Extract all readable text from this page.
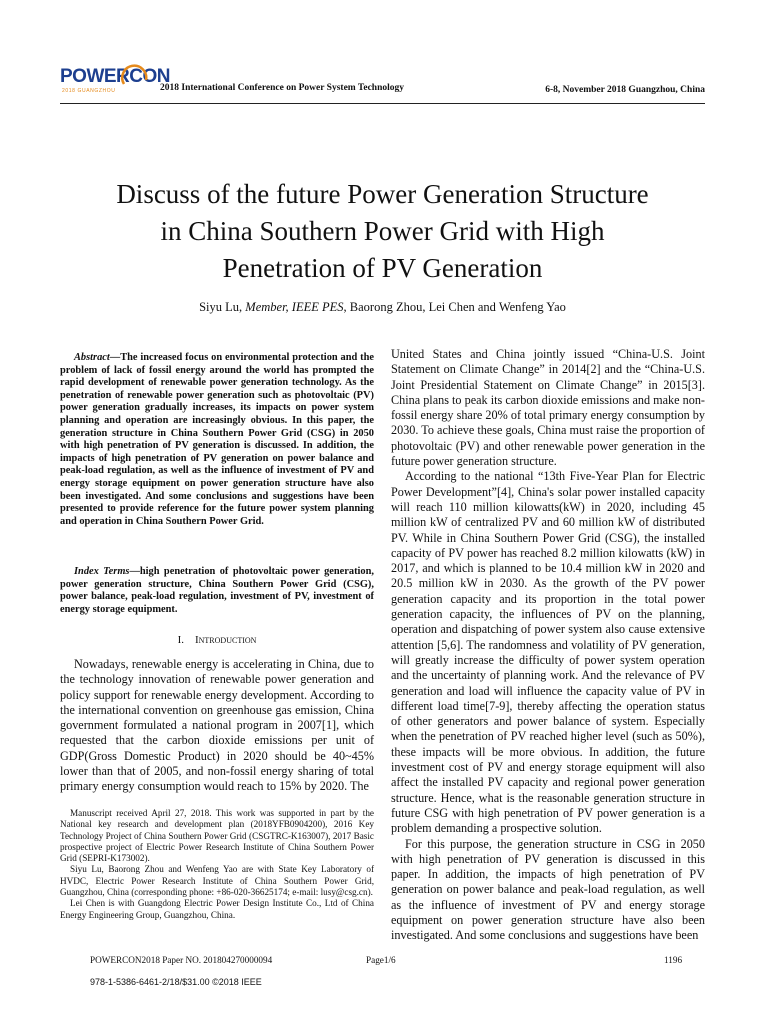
POWERCON
2018 GUANGZHOU	2018 International Conference on Power System Technology	6-8, November 2018 Guangzhou, China
Discuss of the future Power Generation Structure
in China Southern Power Grid with High
Penetration of PV Generation
Siyu Lu, Member, IEEE PES, Baorong Zhou, Lei Chen and Wenfeng Yao
Abstract—The increased focus on environmental protection and the problem of lack of fossil energy around the world has prompted the rapid development of renewable power generation technology. As the penetration of renewable power generation such as photovoltaic (PV) power generation gradually increases, its impacts on power system planning and operation are increasingly obvious. In this paper, the generation structure in China Southern Power Grid (CSG) in 2050 with high penetration of PV generation is discussed. In addition, the impacts of high penetration of PV generation on power balance and peak-load regulation, as well as the influence of investment of PV and energy storage equipment on power generation structure have also been investigated. And some conclusions and suggestions have been presented to provide reference for the future power system planning and operation in China Southern Power Grid.
Index Terms—high penetration of photovoltaic power generation, power generation structure, China Southern Power Grid (CSG), power balance, peak-load regulation, investment of PV, investment of energy storage equipment.
I. Introduction
Nowadays, renewable energy is accelerating in China, due to the technology innovation of renewable power generation and policy support for renewable energy development. According to the international convention on greenhouse gas emission, China government formulated a national program in 2007[1], which requested that the carbon dioxide emissions per unit of GDP(Gross Domestic Product) in 2020 should be 40~45% lower than that of 2005, and non-fossil energy sharing of total primary energy consumption would reach to 15% by 2020. The

Manuscript received April 27, 2018. This work was supported in part by the National key research and development plan (2018YFB0904200), 2016 Key Technology Project of China Southern Power Grid (CSGTRC-K163007), 2017 Basic prospective project of Electric Power Research Institute of China Southern Power Grid (SEPRI-K173002).

Siyu Lu, Baorong Zhou and Wenfeng Yao are with State Key Laboratory of HVDC, Electric Power Research Institute of China Southern Power Grid, Guangzhou, China (corresponding phone: +86-020-36625174; e-mail: lusy@csg.cn).

Lei Chen is with Guangdong Electric Power Design Institute Co., Ltd of China Energy Engineering Group, Guangzhou, China.

United States and China jointly issued “China-U.S. Joint Statement on Climate Change” in 2014[2] and the “China-U.S. Joint Presidential Statement on Climate Change” in 2015[3]. China plans to peak its carbon dioxide emissions and make non-fossil energy share 20% of total primary energy consumption by 2030. To achieve these goals, China must raise the proportion of photovoltaic (PV) and other renewable power generation in the future power generation structure.

According to the national “13th Five-Year Plan for Electric Power Development”[4], China's solar power installed capacity will reach 110 million kilowatts(kW) in 2020, including 45 million kW of centralized PV and 60 million kW of distributed PV. While in China Southern Power Grid (CSG), the installed capacity of PV power has reached 8.2 million kilowatts (kW) in 2017, and which is planned to be 10.4 million kW in 2020 and 20.5 million kW in 2030. As the growth of the PV power generation capacity and its proportion in the total power generation capacity, the influences of PV on the planning, operation and dispatching of power system also cause extensive attention [5,6]. The randomness and volatility of PV generation, will greatly increase the difficulty of power system operation and the uncertainty of planning work. And the relevance of PV generation and load will influence the capacity value of PV in different load time[7-9], thereby affecting the operation status of other generators and power balance of system. Especially when the penetration of PV reached higher level (such as 50%), these impacts will be more obvious. In addition, the future investment cost of PV and energy storage equipment will also affect the installed PV capacity and regional power generation structure. Hence, what is the reasonable generation structure in future CSG with high penetration of PV power generation is a problem demanding a prospective solution.

For this purpose, the generation structure in CSG in 2050 with high penetration of PV generation is discussed in this paper. In addition, the impacts of high penetration of PV generation on power balance and peak-load regulation, as well as the influence of investment of PV and energy storage equipment on power generation structure have also been investigated. And some conclusions and suggestions have been

POWERCON2018 Paper NO. 201804270000094	Page1/6	1196
978-1-5386-6461-2/18/$31.00 ©2018 IEEE
